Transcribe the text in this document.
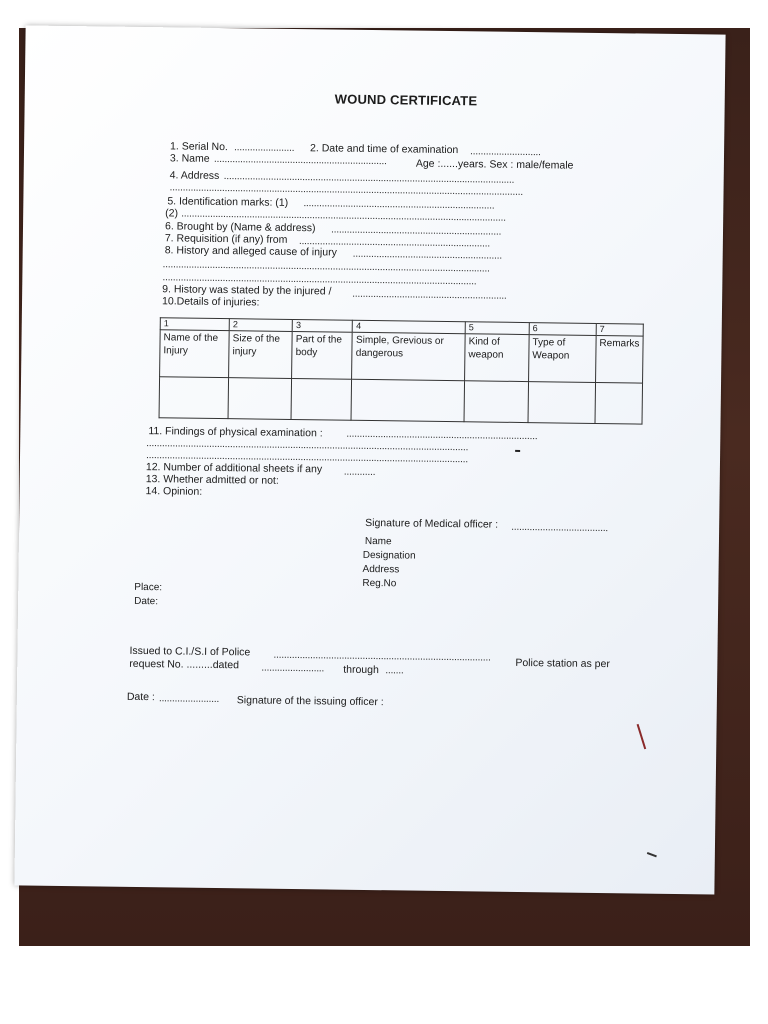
WOUND CERTIFICATE
1. Serial No. ....................... 2. Date and time of examination ...........................
3. Name ..................................................................	Age :......years. Sex : male/female
4. Address ...............................................................................................................
.......................................................................................................................................
5. Identification marks: (1) .........................................................................
(2) ............................................................................................................................
6. Brought by (Name & address) .................................................................
7. Requisition (if any) from .........................................................................
8. History and alleged cause of injury .........................................................
.............................................................................................................................
........................................................................................................................
9. History was stated by the injured / ...........................................................
10.Details of injuries:
1	2	3	4	5	6	7
Name of the Injury	Size of the injury	Part of the body	Simple, Grevious or dangerous	Kind of weapon	Type of Weapon	Remarks

11. Findings of physical examination : .........................................................................
...........................................................................................................................
...........................................................................................................................
12. Number of additional sheets if any ............
13. Whether admitted or not:
14. Opinion:
Signature of Medical officer : .....................................
Name
Designation
Address
Reg.No
Place:
Date:
Issued to C.I./S.I of Police ................................................................................... Police station as per
request No. .........dated ........................ through .......
Date : ....................... Signature of the issuing officer :
